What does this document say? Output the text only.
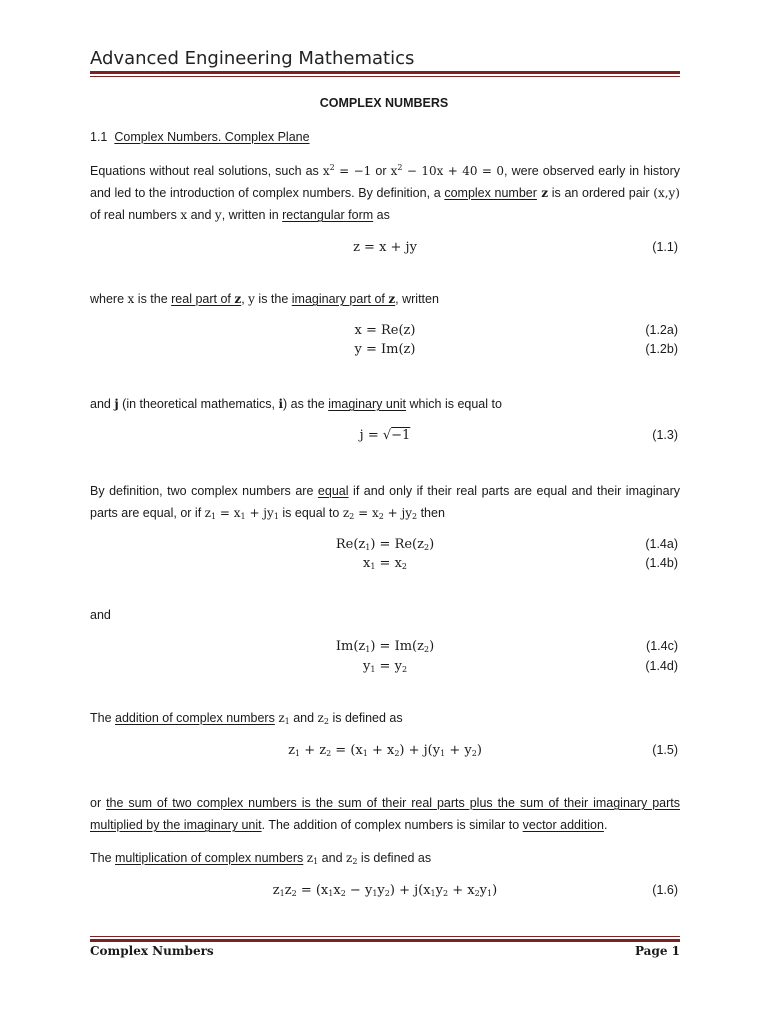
Advanced Engineering Mathematics
COMPLEX NUMBERS
1.1 Complex Numbers. Complex Plane
Equations without real solutions, such as $x^2 = -1$ or $x^2 - 10x + 40 = 0$, were observed early in history and led to the introduction of complex numbers. By definition, a complex number z is an ordered pair (x,y) of real numbers x and y, written in rectangular form as
z = x + jy	(1.1)
where x is the real part of z, y is the imaginary part of z, written
x = Re(z)	(1.2a)
y = Im(z)	(1.2b)
and j (in theoretical mathematics, i) as the imaginary unit which is equal to
j = √−1	(1.3)
By definition, two complex numbers are equal if and only if their real parts are equal and their imaginary parts are equal, or if $z_1 = x_1 + jy_1$ is equal to $z_2 = x_2 + jy_2$ then
$Re(z_1) = Re(z_2)$	(1.4a)
$x_1 = x_2$	(1.4b)
and
$Im(z_1) = Im(z_2)$	(1.4c)
$y_1 = y_2$	(1.4d)
The addition of complex numbers $z_1$ and $z_2$ is defined as
$z_1 + z_2 = (x_1 + x_2) + j(y_1 + y_2)$	(1.5)
or the sum of two complex numbers is the sum of their real parts plus the sum of their imaginary parts multiplied by the imaginary unit. The addition of complex numbers is similar to vector addition.
The multiplication of complex numbers $z_1$ and $z_2$ is defined as
$z_1z_2 = (x_1x_2 - y_1y_2) + j(x_1y_2 + x_2y_1)$	(1.6)
Complex Numbers	Page 1
